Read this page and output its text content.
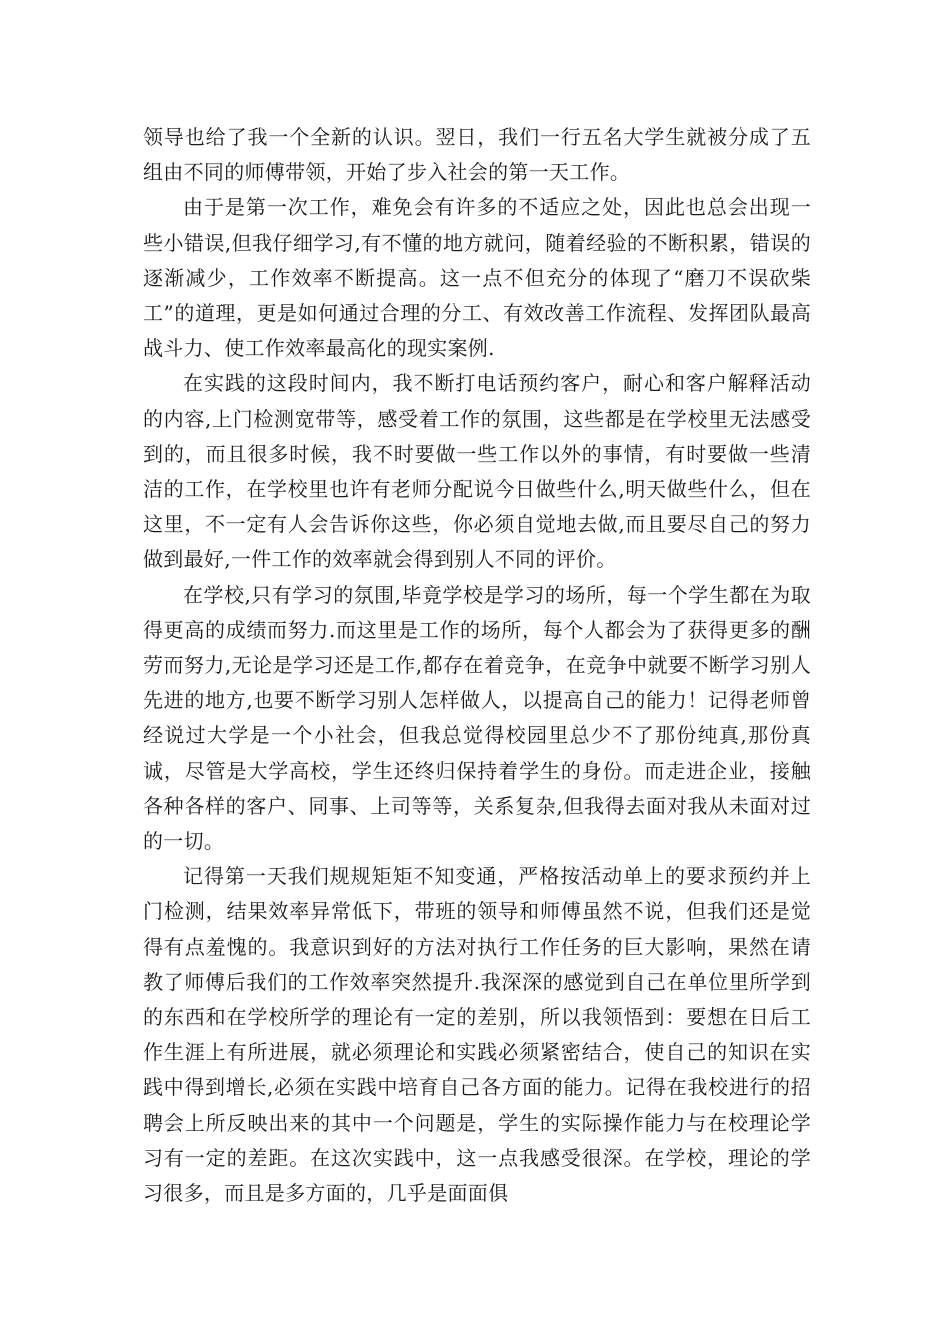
领导也给了我一个全新的认识。翌日，我们一行五名大学生就被分成了五组由不同的师傅带领，开始了步入社会的第一天工作。

由于是第一次工作，难免会有许多的不适应之处，因此也总会出现一些小错误,但我仔细学习,有不懂的地方就问，随着经验的不断积累，错误的逐渐减少，工作效率不断提高。这一点不但充分的体现了“磨刀不误砍柴工”的道理，更是如何通过合理的分工、有效改善工作流程、发挥团队最高战斗力、使工作效率最高化的现实案例.

在实践的这段时间内，我不断打电话预约客户，耐心和客户解释活动的内容,上门检测宽带等，感受着工作的氛围，这些都是在学校里无法感受到的，而且很多时候，我不时要做一些工作以外的事情，有时要做一些清洁的工作，在学校里也许有老师分配说今日做些什么,明天做些什么，但在这里，不一定有人会告诉你这些，你必须自觉地去做,而且要尽自己的努力做到最好,一件工作的效率就会得到别人不同的评价。

在学校,只有学习的氛围,毕竟学校是学习的场所，每一个学生都在为取得更高的成绩而努力.而这里是工作的场所，每个人都会为了获得更多的酬劳而努力,无论是学习还是工作,都存在着竞争，在竞争中就要不断学习别人先进的地方,也要不断学习别人怎样做人，以提高自己的能力！记得老师曾经说过大学是一个小社会，但我总觉得校园里总少不了那份纯真,那份真诚，尽管是大学高校，学生还终归保持着学生的身份。而走进企业，接触各种各样的客户、同事、上司等等，关系复杂,但我得去面对我从未面对过的一切。

记得第一天我们规规矩矩不知变通，严格按活动单上的要求预约并上门检测，结果效率异常低下，带班的领导和师傅虽然不说，但我们还是觉得有点羞愧的。我意识到好的方法对执行工作任务的巨大影响，果然在请教了师傅后我们的工作效率突然提升.我深深的感觉到自己在单位里所学到的东西和在学校所学的理论有一定的差别，所以我领悟到：要想在日后工作生涯上有所进展，就必须理论和实践必须紧密结合，使自己的知识在实践中得到增长,必须在实践中培育自己各方面的能力。记得在我校进行的招聘会上所反映出来的其中一个问题是，学生的实际操作能力与在校理论学习有一定的差距。在这次实践中，这一点我感受很深。在学校，理论的学习很多，而且是多方面的，几乎是面面俱
